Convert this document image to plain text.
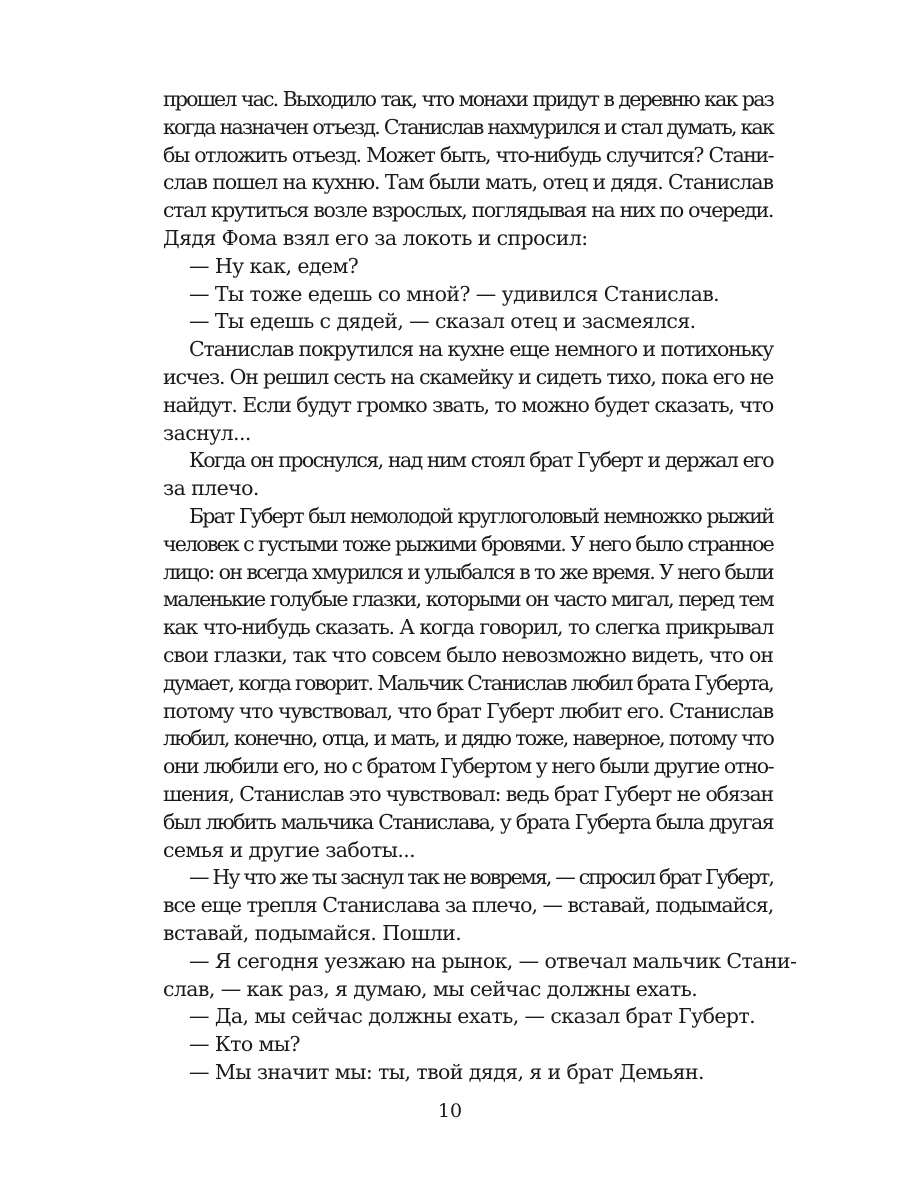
прошел час. Выходило так, что монахи придут в деревню как раз
когда назначен отъезд. Станислав нахмурился и стал думать, как
бы отложить отъезд. Может быть, что-нибудь случится? Стани-
слав пошел на кухню. Там были мать, отец и дядя. Станислав
стал крутиться возле взрослых, поглядывая на них по очереди.
Дядя Фома взял его за локоть и спросил:
— Ну как, едем?
— Ты тоже едешь со мной? — удивился Станислав.
— Ты едешь с дядей, — сказал отец и засмеялся.
Станислав покрутился на кухне еще немного и потихоньку
исчез. Он решил сесть на скамейку и сидеть тихо, пока его не
найдут. Если будут громко звать, то можно будет сказать, что
заснул...
Когда он проснулся, над ним стоял брат Губерт и держал его
за плечо.
Брат Губерт был немолодой круглоголовый немножко рыжий
человек с густыми тоже рыжими бровями. У него было странное
лицо: он всегда хмурился и улыбался в то же время. У него были
маленькие голубые глазки, которыми он часто мигал, перед тем
как что-нибудь сказать. А когда говорил, то слегка прикрывал
свои глазки, так что совсем было невозможно видеть, что он
думает, когда говорит. Мальчик Станислав любил брата Губерта,
потому что чувствовал, что брат Губерт любит его. Станислав
любил, конечно, отца, и мать, и дядю тоже, наверное, потому что
они любили его, но с братом Губертом у него были другие отно-
шения, Станислав это чувствовал: ведь брат Губерт не обязан
был любить мальчика Станислава, у брата Губерта была другая
семья и другие заботы...
— Ну что же ты заснул так не вовремя, — спросил брат Губерт,
все еще трепля Станислава за плечо, — вставай, подымайся,
вставай, подымайся. Пошли.
— Я сегодня уезжаю на рынок, — отвечал мальчик Стани-
слав, — как раз, я думаю, мы сейчас должны ехать.
— Да, мы сейчас должны ехать, — сказал брат Губерт.
— Кто мы?
— Мы значит мы: ты, твой дядя, я и брат Демьян.
10
